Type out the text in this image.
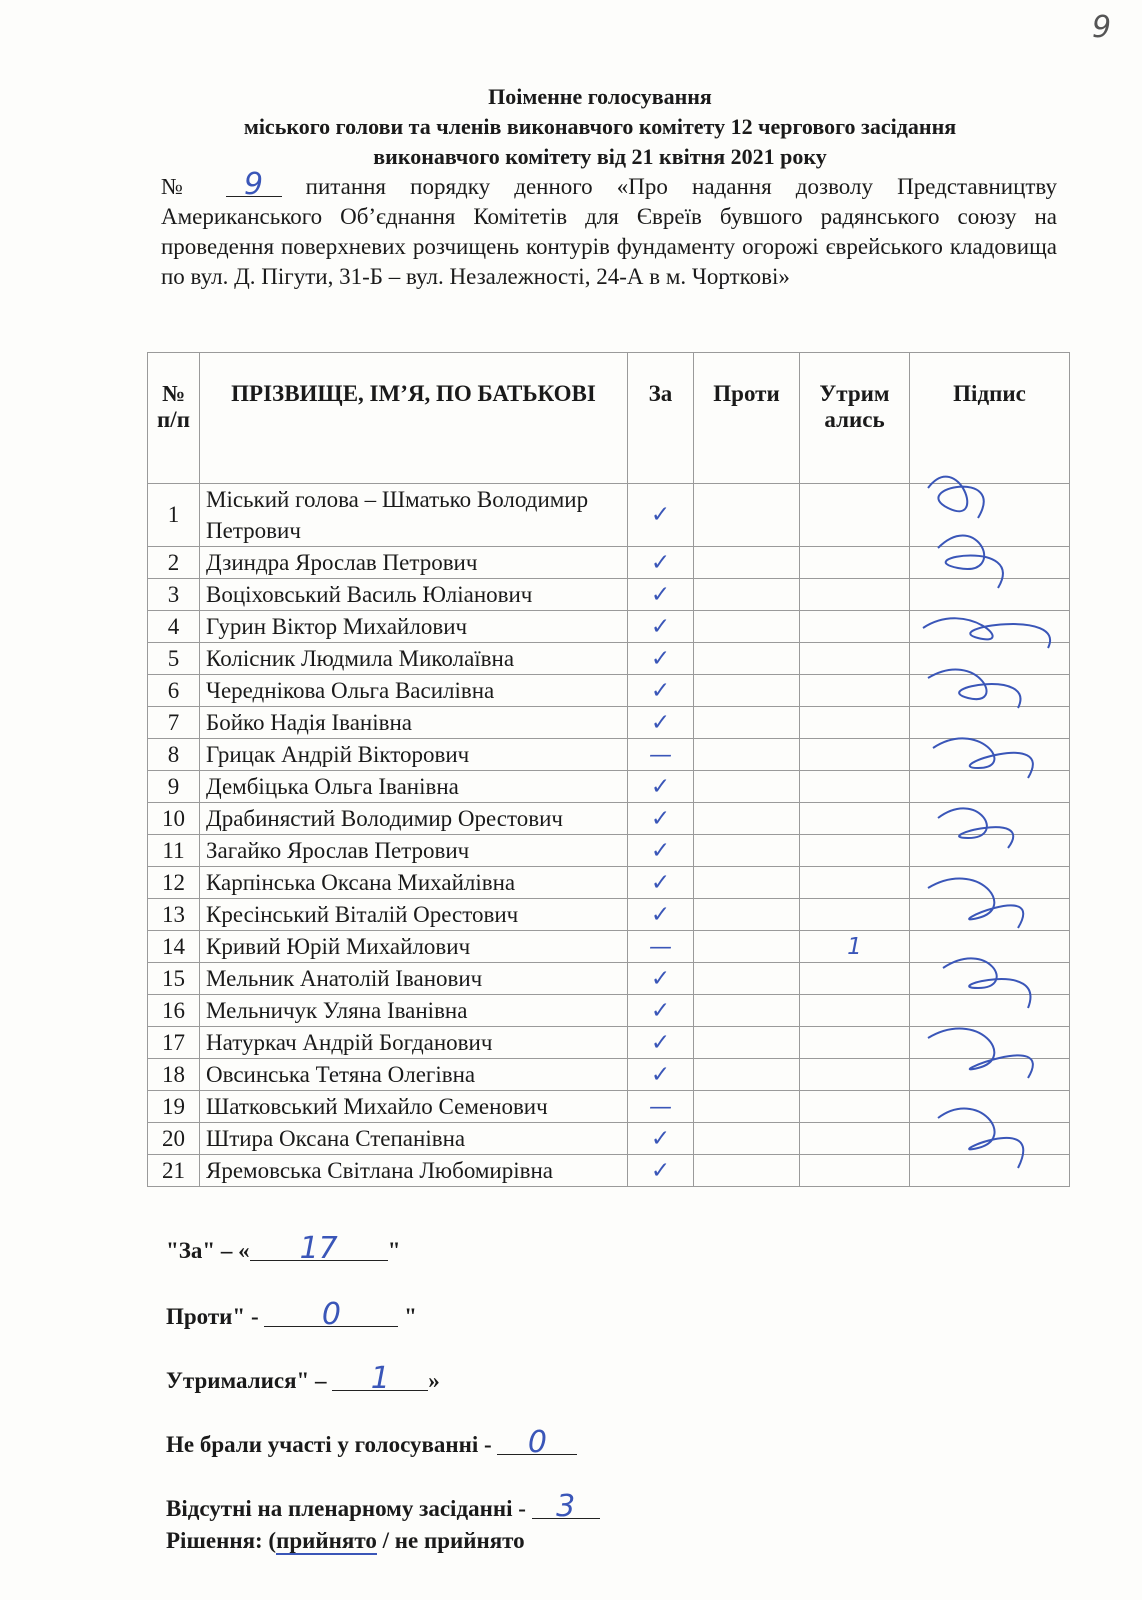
9
Поіменне голосування
міського голови та членів виконавчого комітету 12 чергового засідання
виконавчого комітету від 21 квітня 2021 року
№ 9 питання порядку денного «Про надання дозволу Представництву Американського Об’єднання Комітетів для Євреїв бувшого радянського союзу на проведення поверхневих розчищень контурів фундаменту огорожі єврейського кладовища по вул. Д. Пігути, 31-Б – вул. Незалежності, 24-А в м. Чорткові»
№ п/п	ПРІЗВИЩЕ, ІМ’Я, ПО БАТЬКОВІ	За	Проти	Утрим ались	Підпис
1	Міський голова – Шматько Володимир Петрович	✓			
2	Дзиндра Ярослав Петрович	✓			
3	Воціховський Василь Юліанович	✓			
4	Гурин Віктор Михайлович	✓			
5	Колісник Людмила Миколаївна	✓			
6	Череднікова Ольга Василівна	✓			
7	Бойко Надія Іванівна	✓			
8	Грицак Андрій Вікторович	—			
9	Дембіцька Ольга Іванівна	✓			
10	Драбинястий Володимир Орестович	✓			
11	Загайко Ярослав Петрович	✓			
12	Карпінська Оксана Михайлівна	✓			
13	Кресінський Віталій Орестович	✓			
14	Кривий Юрій Михайлович	—		1	
15	Мельник Анатолій Іванович	✓			
16	Мельничук Уляна Іванівна	✓			
17	Натуркач Андрій Богданович	✓			
18	Овсинська Тетяна Олегівна	✓			
19	Шатковський Михайло Семенович	—			
20	Штира Оксана Степанівна	✓			
21	Яремовська Світлана Любомирівна	✓			
"За" – « 17 "
Проти" - 0	"
Утрималися" – 1 »
Не брали участі у голосуванні - 0
Відсутні на пленарному засіданні - 3
Рішення: (прийнято / не прийнято
